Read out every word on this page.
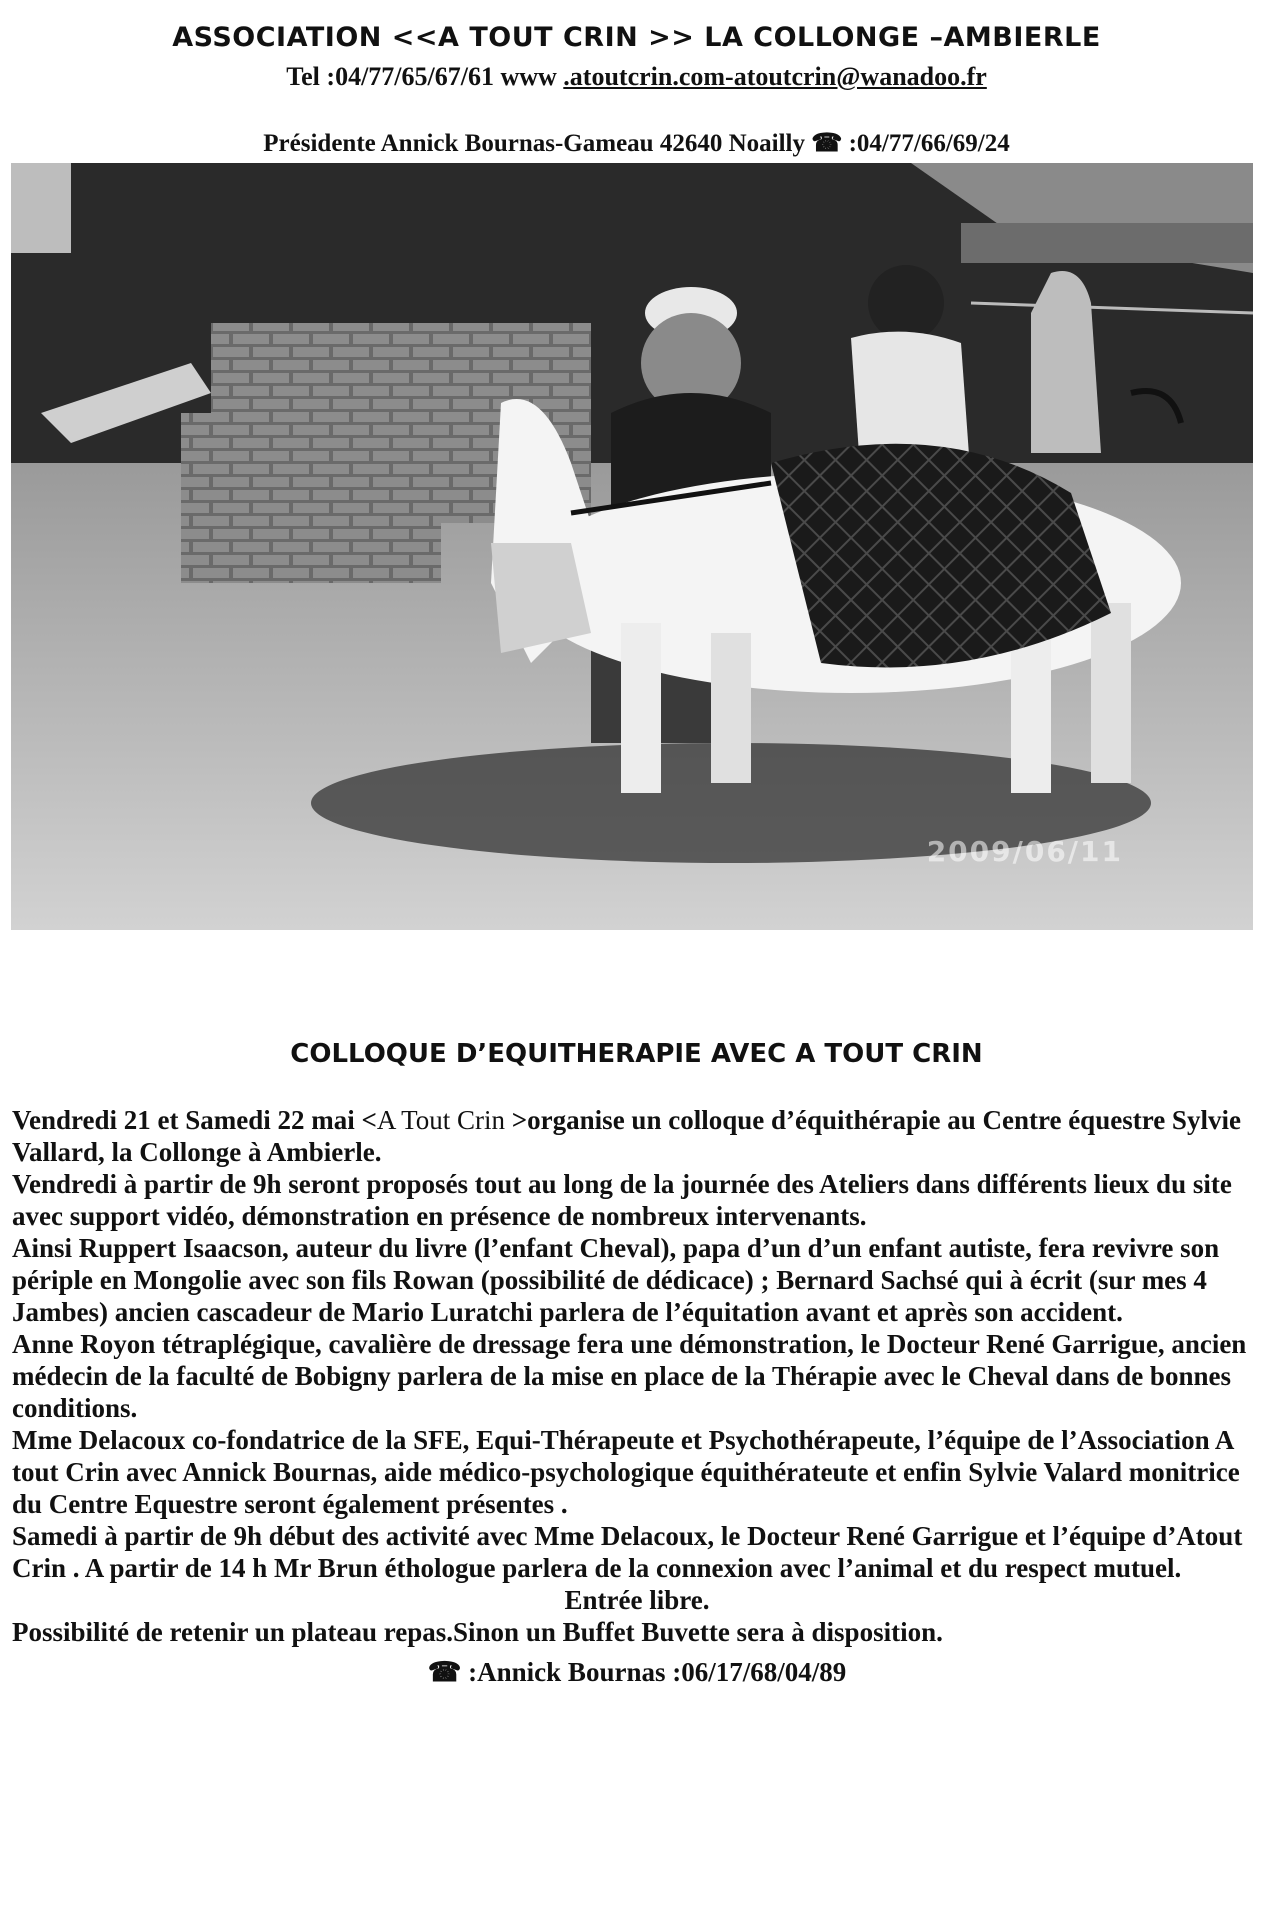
ASSOCIATION <<A TOUT CRIN >> LA COLLONGE –AMBIERLE
Tel :04/77/65/67/61 www .atoutcrin.com-atoutcrin@wanadoo.fr
Présidente Annick Bournas-Gameau 42640 Noailly ☎ :04/77/66/69/24
2009/06/11
COLLOQUE D’EQUITHERAPIE AVEC A TOUT CRIN

Vendredi 21 et Samedi 22 mai <A Tout Crin >organise un colloque d’équithérapie au Centre équestre Sylvie Vallard, la Collonge à Ambierle.

Vendredi à partir de 9h seront proposés tout au long de la journée des Ateliers dans différents lieux du site avec support vidéo, démonstration en présence de nombreux intervenants.

Ainsi Ruppert Isaacson, auteur du livre (l’enfant Cheval), papa d’un d’un enfant autiste, fera revivre son périple en Mongolie avec son fils Rowan (possibilité de dédicace) ; Bernard Sachsé qui à écrit (sur mes 4 Jambes) ancien cascadeur de Mario Luratchi parlera de l’équitation avant et après son accident.

Anne Royon tétraplégique, cavalière de dressage fera une démonstration, le Docteur René Garrigue, ancien médecin de la faculté de Bobigny parlera de la mise en place de la Thérapie avec le Cheval dans de bonnes conditions.

Mme Delacoux co-fondatrice de la SFE, Equi-Thérapeute et Psychothérapeute, l’équipe de l’Association A tout Crin avec Annick Bournas, aide médico-psychologique équithérateute et enfin Sylvie Valard monitrice du Centre Equestre seront également présentes .

Samedi à partir de 9h début des activité avec Mme Delacoux, le Docteur René Garrigue et l’équipe d’Atout Crin . A partir de 14 h Mr Brun éthologue parlera de la connexion avec l’animal et du respect mutuel.

Entrée libre.

Possibilité de retenir un plateau repas.Sinon un Buffet Buvette sera à disposition.

☎ :Annick Bournas :06/17/68/04/89
